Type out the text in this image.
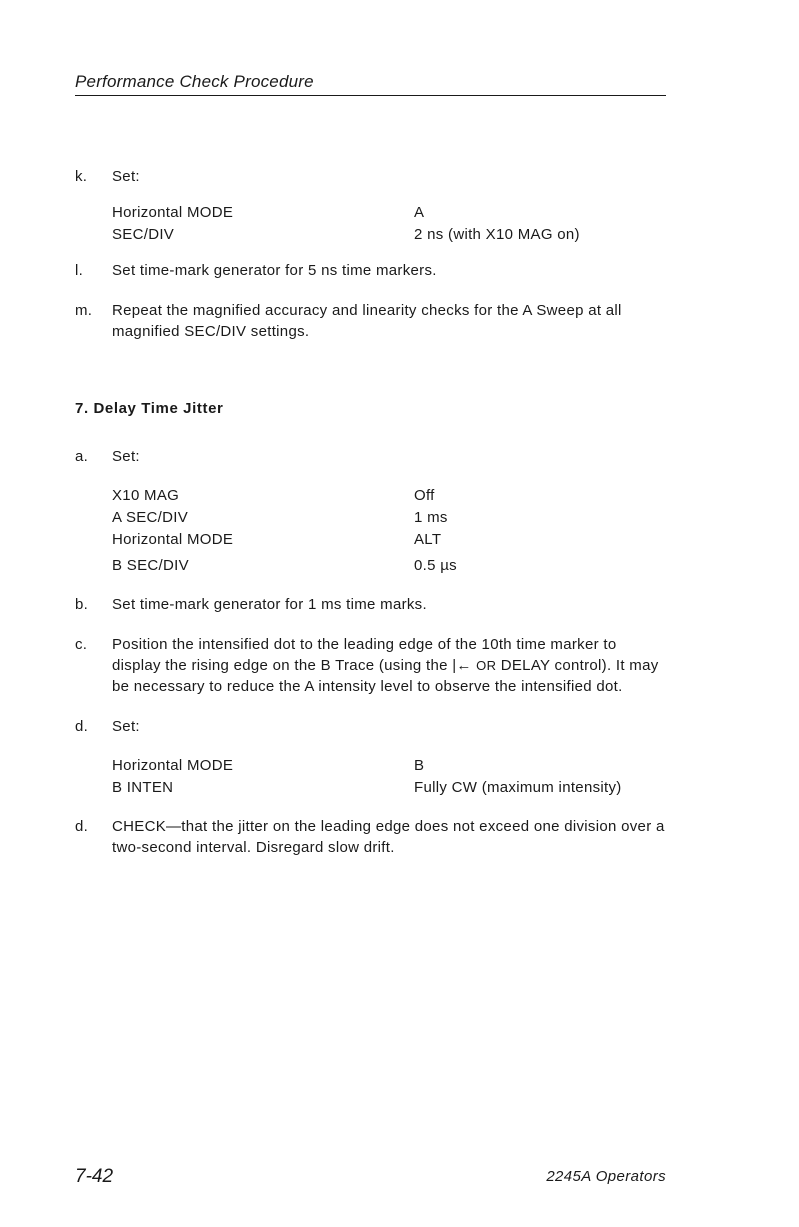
Performance Check Procedure
k. Set:
Horizontal MODE	A
SEC/DIV	2 ns (with X10 MAG on)
l. Set time-mark generator for 5 ns time markers.
m. Repeat the magnified accuracy and linearity checks for the A Sweep at all magnified SEC/DIV settings.
7. Delay Time Jitter
a. Set:
X10 MAG	Off
A SEC/DIV	1 ms
Horizontal MODE	ALT
B SEC/DIV	0.5 µs
b. Set time-mark generator for 1 ms time marks.
c. Position the intensified dot to the leading edge of the 10th time marker to display the rising edge on the B Trace (using the |← OR DELAY control). It may be necessary to reduce the A intensity level to observe the intensified dot.
d. Set:
Horizontal MODE	B
B INTEN	Fully CW (maximum intensity)
d. CHECK—that the jitter on the leading edge does not exceed one division over a two-second interval. Disregard slow drift.
7-42	2245A Operators
